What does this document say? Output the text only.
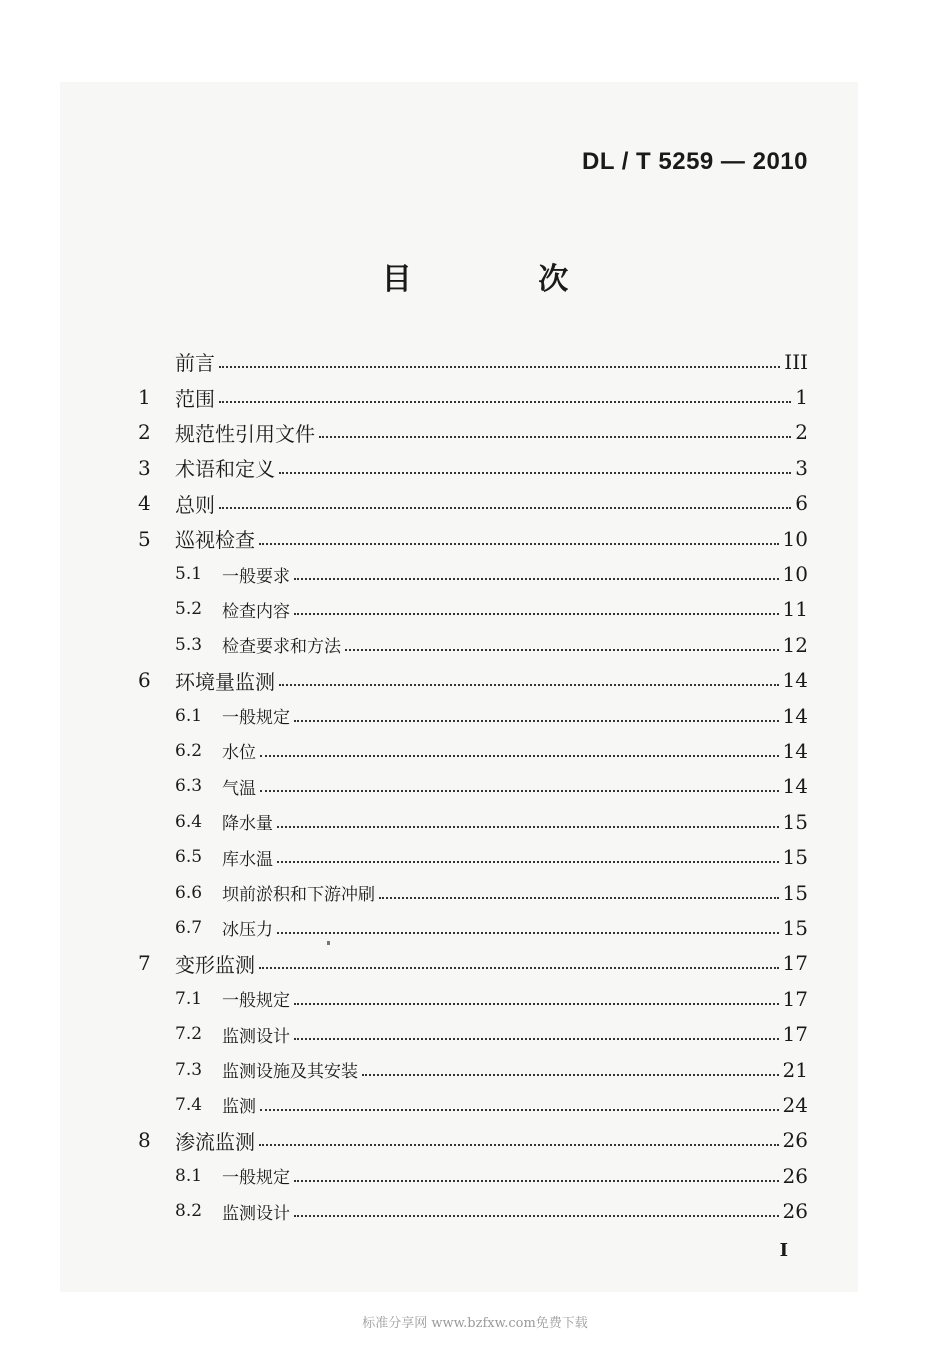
DL / T 5259 — 2010
目 次
前言	III
1	范围	1
2	规范性引用文件	2
3	术语和定义	3
4	总则	6
5	巡视检查	10
5.1	一般要求	10
5.2	检查内容	11
5.3	检查要求和方法	12
6	环境量监测	14
6.1	一般规定	14
6.2	水位	14
6.3	气温	14
6.4	降水量	15
6.5	库水温	15
6.6	坝前淤积和下游冲刷	15
6.7	冰压力	15
7	变形监测	17
7.1	一般规定	17
7.2	监测设计	17
7.3	监测设施及其安装	21
7.4	监测	24
8	渗流监测	26
8.1	一般规定	26
8.2	监测设计	26
I
标准分享网 www.bzfxw.com免费下载
